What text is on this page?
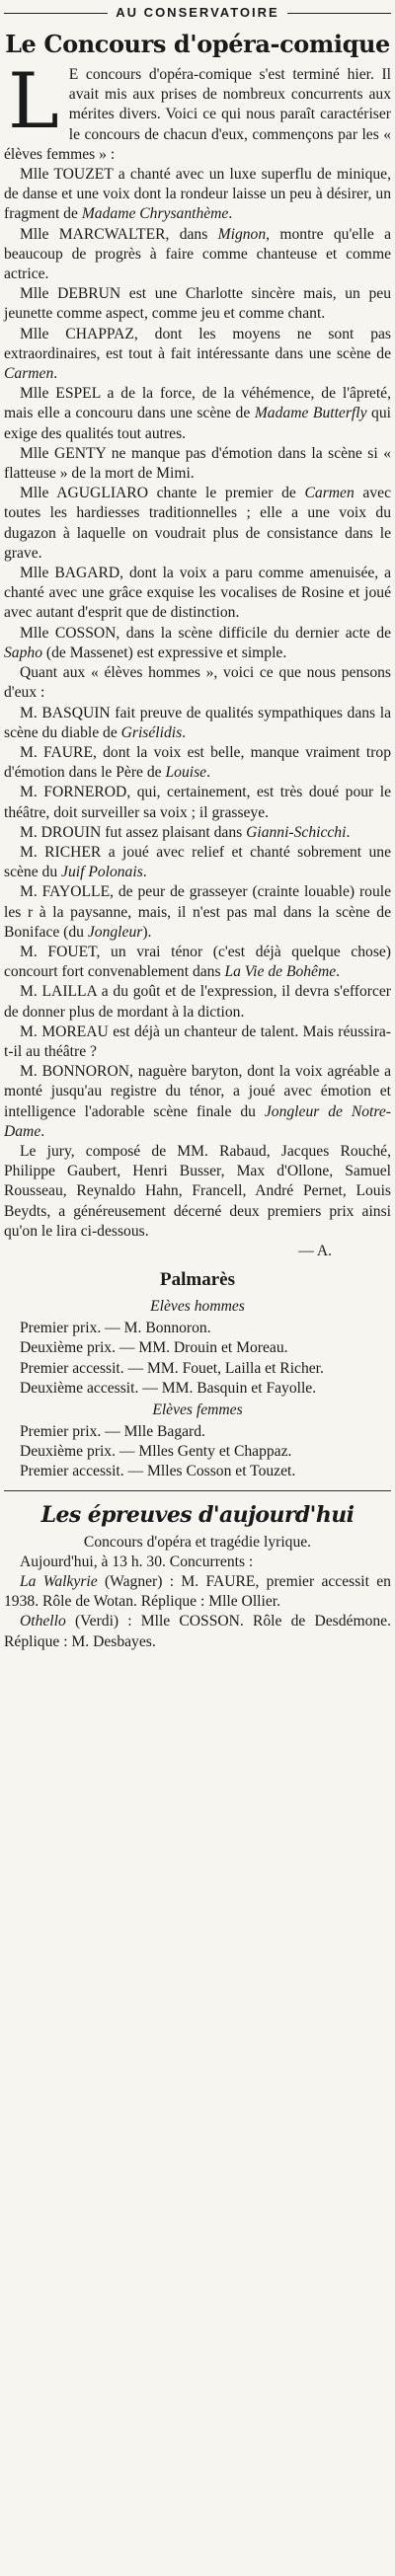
AU CONSERVATOIRE
Le Concours d'opéra-comique

L E concours d'opéra-comique s'est terminé hier. Il avait mis aux prises de nombreux concurrents aux mérites divers. Voici ce qui nous paraît caractériser le concours de chacun d'eux, commençons par les « élèves femmes » :

Mlle TOUZET a chanté avec un luxe superflu de minique, de danse et une voix dont la rondeur laisse un peu à désirer, un fragment de Madame Chrysanthème.

Mlle MARCWALTER, dans Mignon, montre qu'elle a beaucoup de progrès à faire comme chanteuse et comme actrice.

Mlle DEBRUN est une Charlotte sincère mais, un peu jeunette comme aspect, comme jeu et comme chant.

Mlle CHAPPAZ, dont les moyens ne sont pas extraordinaires, est tout à fait intéressante dans une scène de Carmen.

Mlle ESPEL a de la force, de la véhémence, de l'âpreté, mais elle a concouru dans une scène de Madame Butterfly qui exige des qualités tout autres.

Mlle GENTY ne manque pas d'émotion dans la scène si « flatteuse » de la mort de Mimi.

Mlle AGUGLIARO chante le premier de Carmen avec toutes les hardiesses traditionnelles ; elle a une voix du dugazon à laquelle on voudrait plus de consistance dans le grave.

Mlle BAGARD, dont la voix a paru comme amenuisée, a chanté avec une grâce exquise les vocalises de Rosine et joué avec autant d'esprit que de distinction.

Mlle COSSON, dans la scène difficile du dernier acte de Sapho (de Massenet) est expressive et simple.

Quant aux « élèves hommes », voici ce que nous pensons d'eux :

M. BASQUIN fait preuve de qualités sympathiques dans la scène du diable de Grisélidis.

M. FAURE, dont la voix est belle, manque vraiment trop d'émotion dans le Père de Louise.

M. FORNEROD, qui, certainement, est très doué pour le théâtre, doit surveiller sa voix ; il grasseye.

M. DROUIN fut assez plaisant dans Gianni-Schicchi.

M. RICHER a joué avec relief et chanté sobrement une scène du Juif Polonais.

M. FAYOLLE, de peur de grasseyer (crainte louable) roule les r à la paysanne, mais, il n'est pas mal dans la scène de Boniface (du Jongleur).

M. FOUET, un vrai ténor (c'est déjà quelque chose) concourt fort convenablement dans La Vie de Bohême.

M. LAILLA a du goût et de l'expression, il devra s'efforcer de donner plus de mordant à la diction.

M. MOREAU est déjà un chanteur de talent. Mais réussira-t-il au théâtre ?

M. BONNORON, naguère baryton, dont la voix agréable a monté jusqu'au registre du ténor, a joué avec émotion et intelligence l'adorable scène finale du Jongleur de Notre-Dame.

Le jury, composé de MM. Rabaud, Jacques Rouché, Philippe Gaubert, Henri Busser, Max d'Ollone, Samuel Rousseau, Reynaldo Hahn, Francell, André Pernet, Louis Beydts, a généreusement décerné deux premiers prix ainsi qu'on le lira ci-dessous.

— A.

Palmarès
Elèves hommes

Premier prix. — M. Bonnoron.

Deuxième prix. — MM. Drouin et Moreau.

Premier accessit. — MM. Fouet, Lailla et Richer.

Deuxième accessit. — MM. Basquin et Fayolle.

Elèves femmes

Premier prix. — Mlle Bagard.

Deuxième prix. — Mlles Genty et Chappaz.

Premier accessit. — Mlles Cosson et Touzet.

Les épreuves d'aujourd'hui

Concours d'opéra et tragédie lyrique.

Aujourd'hui, à 13 h. 30. Concurrents :

La Walkyrie (Wagner) : M. FAURE, premier accessit en 1938. Rôle de Wotan. Réplique : Mlle Ollier.

Othello (Verdi) : Mlle COSSON. Rôle de Desdémone. Réplique : M. Desbayes.
